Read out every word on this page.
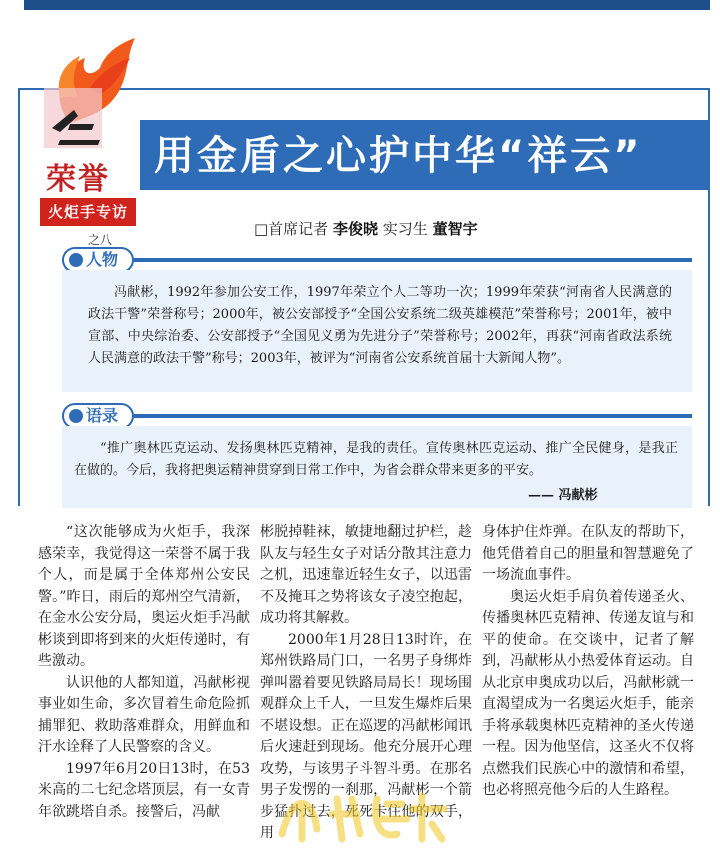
荣誉
火炬手专访
之八
用金盾之心护中华“祥云”
□首席记者 李俊晓 实习生 董智宇
人物
冯献彬，1992年参加公安工作，1997年荣立个人二等功一次；1999年荣获“河南省人民满意的政法干警”荣誉称号；2000年，被公安部授予“全国公安系统二级英雄模范”荣誉称号；2001年，被中宣部、中央综治委、公安部授予“全国见义勇为先进分子”荣誉称号；2002年，再获“河南省政法系统人民满意的政法干警”称号；2003年，被评为“河南省公安系统首届十大新闻人物”。
语录
“推广奥林匹克运动、发扬奥林匹克精神，是我的责任。宣传奥林匹克运动、推广全民健身，是我正在做的。今后，我将把奥运精神贯穿到日常工作中，为省会群众带来更多的平安。
—— 冯献彬

“这次能够成为火炬手，我深感荣幸，我觉得这一荣誉不属于我个人，而是属于全体郑州公安民警。”昨日，雨后的郑州空气清新，在金水公安分局，奥运火炬手冯献彬谈到即将到来的火炬传递时，有些激动。

认识他的人都知道，冯献彬视事业如生命，多次冒着生命危险抓捕罪犯、救助落难群众，用鲜血和汗水诠释了人民警察的含义。

1997年6月20日13时，在53米高的二七纪念塔顶层，有一女青年欲跳塔自杀。接警后，冯献

彬脱掉鞋袜，敏捷地翻过护栏，趁队友与轻生女子对话分散其注意力之机，迅速靠近轻生女子，以迅雷不及掩耳之势将该女子凌空抱起，成功将其解救。

2000年1月28日13时许，在郑州铁路局门口，一名男子身绑炸弹叫嚣着要见铁路局局长！现场围观群众上千人，一旦发生爆炸后果不堪设想。正在巡逻的冯献彬闻讯后火速赶到现场。他充分展开心理攻势，与该男子斗智斗勇。在那名男子发愣的一刹那，冯献彬一个箭步猛扑过去，死死卡住他的双手，用

身体护住炸弹。在队友的帮助下，他凭借着自己的胆量和智慧避免了一场流血事件。

奥运火炬手肩负着传递圣火、传播奥林匹克精神、传递友谊与和平的使命。在交谈中，记者了解到，冯献彬从小热爱体育运动。自从北京申奥成功以后，冯献彬就一直渴望成为一名奥运火炬手，能亲手将承载奥林匹克精神的圣火传递一程。因为他坚信，这圣火不仅将点燃我们民族心中的激情和希望，也必将照亮他今后的人生路程。
